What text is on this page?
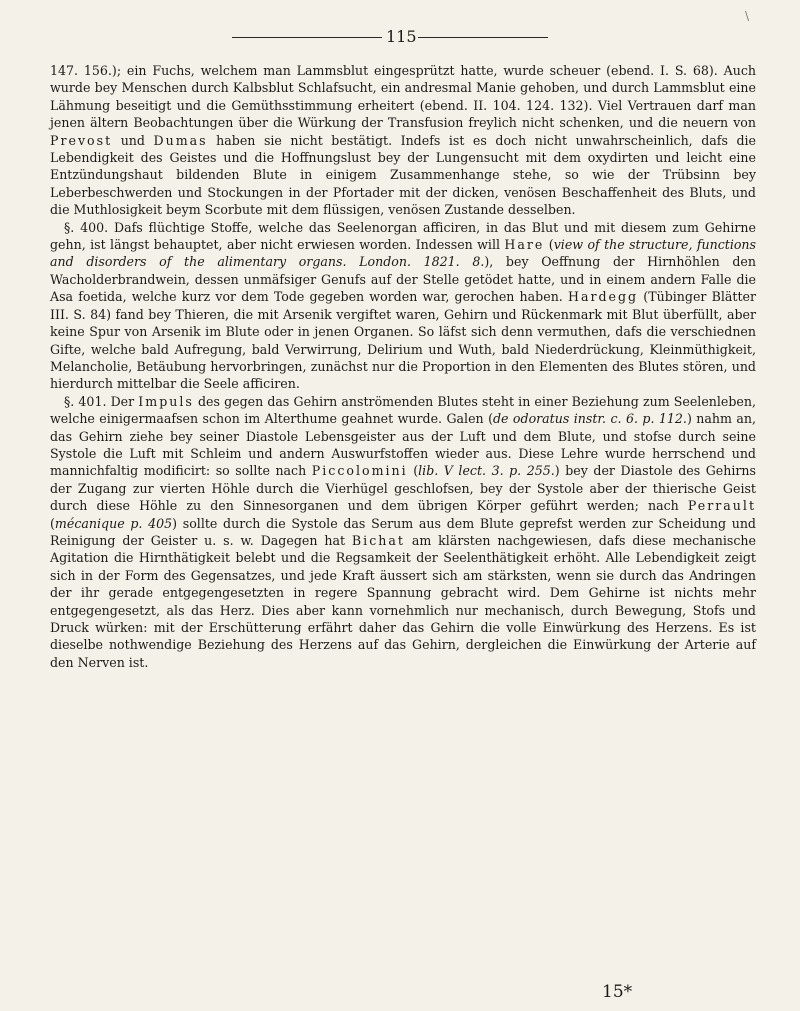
115
\

147. 156.); ein Fuchs, welchem man Lammsblut eingesprützt hatte, wurde scheuer (ebend. I. S. 68). Auch wurde bey Menschen durch Kalbsblut Schlafsucht, ein andresmal Manie gehoben, und durch Lammsblut eine Lähmung beseitigt und die Gemüthsstimmung erheitert (ebend. II. 104. 124. 132). Viel Vertrauen darf man jenen ältern Beobachtungen über die Würkung der Transfusion freylich nicht schenken, und die neuern von Prevost und Dumas haben sie nicht bestätigt. Indefs ist es doch nicht unwahrscheinlich, dafs die Lebendigkeit des Geistes und die Hoffnungslust bey der Lungensucht mit dem oxydirten und leicht eine Entzündungshaut bildenden Blute in einigem Zusammenhange stehe, so wie der Trübsinn bey Leberbeschwerden und Stockungen in der Pfortader mit der dicken, venösen Beschaffenheit des Bluts, und die Muthlosigkeit beym Scorbute mit dem flüssigen, venösen Zustande desselben.

§. 400. Dafs flüchtige Stoffe, welche das Seelenorgan afficiren, in das Blut und mit diesem zum Gehirne gehn, ist längst behauptet, aber nicht erwiesen worden. Indessen will Hare (view of the structure, functions and disorders of the alimentary organs. London. 1821. 8.), bey Oeffnung der Hirnhöhlen den Wacholderbrandwein, dessen unmäfsiger Genufs auf der Stelle getödet hatte, und in einem andern Falle die Asa foetida, welche kurz vor dem Tode gegeben worden war, gerochen haben. Hardegg (Tübinger Blätter III. S. 84) fand bey Thieren, die mit Arsenik vergiftet waren, Gehirn und Rückenmark mit Blut überfüllt, aber keine Spur von Arsenik im Blute oder in jenen Organen. So läfst sich denn vermuthen, dafs die verschiednen Gifte, welche bald Aufregung, bald Verwirrung, Delirium und Wuth, bald Niederdrückung, Kleinmüthigkeit, Melancholie, Betäubung hervorbringen, zunächst nur die Proportion in den Elementen des Blutes stören, und hierdurch mittelbar die Seele afficiren.

§. 401. Der Impuls des gegen das Gehirn anströmenden Blutes steht in einer Beziehung zum Seelenleben, welche einigermaafsen schon im Alterthume geahnet wurde. Galen (de odoratus instr. c. 6. p. 112.) nahm an, das Gehirn ziehe bey seiner Diastole Lebensgeister aus der Luft und dem Blute, und stofse durch seine Systole die Luft mit Schleim und andern Auswurfstoffen wieder aus. Diese Lehre wurde herrschend und mannichfaltig modificirt: so sollte nach Piccolomini (lib. V lect. 3. p. 255.) bey der Diastole des Gehirns der Zugang zur vierten Höhle durch die Vierhügel geschlofsen, bey der Systole aber der thierische Geist durch diese Höhle zu den Sinnesorganen und dem übrigen Körper geführt werden; nach Perrault (mécanique p. 405) sollte durch die Systole das Serum aus dem Blute geprefst werden zur Scheidung und Reinigung der Geister u. s. w. Dagegen hat Bichat am klärsten nachgewiesen, dafs diese mechanische Agitation die Hirnthätigkeit belebt und die Regsamkeit der Seelenthätigkeit erhöht. Alle Lebendigkeit zeigt sich in der Form des Gegensatzes, und jede Kraft äussert sich am stärksten, wenn sie durch das Andringen der ihr gerade entgegengesetzten in regere Spannung gebracht wird. Dem Gehirne ist nichts mehr entgegengesetzt, als das Herz. Dies aber kann vornehmlich nur mechanisch, durch Bewegung, Stofs und Druck würken: mit der Erschütterung erfährt daher das Gehirn die volle Einwürkung des Herzens. Es ist dieselbe nothwendige Beziehung des Herzens auf das Gehirn, dergleichen die Einwürkung der Arterie auf den Nerven ist.

15*
